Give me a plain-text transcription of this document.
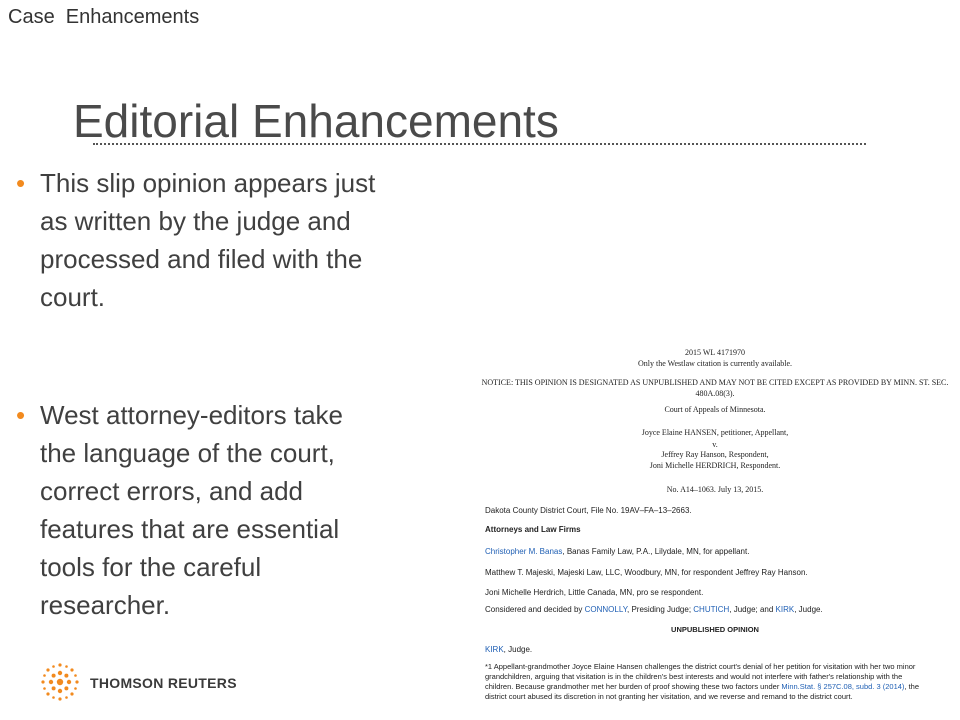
Case  Enhancements
Editorial Enhancements
• This slip opinion appears just
as written by the judge and
processed and filed with the
court.
• West attorney-editors take
the language of the court,
correct errors, and add
features that are essential
tools for the careful
researcher.
2015 WL 4171970
Only the Westlaw citation is currently available.
NOTICE: THIS OPINION IS DESIGNATED AS UNPUBLISHED AND MAY NOT BE CITED EXCEPT AS PROVIDED BY MINN. ST. SEC.
480A.08(3).
Court of Appeals of Minnesota.
Joyce Elaine HANSEN, petitioner, Appellant,
v.
Jeffrey Ray Hanson, Respondent,
Joni Michelle HERDRICH, Respondent.
No. A14–1063. July 13, 2015.
Dakota County District Court, File No. 19AV–FA–13–2663.
Attorneys and Law Firms
Christopher M. Banas, Banas Family Law, P.A., Lilydale, MN, for appellant.
Matthew T. Majeski, Majeski Law, LLC, Woodbury, MN, for respondent Jeffrey Ray Hanson.
Joni Michelle Herdrich, Little Canada, MN, pro se respondent.
Considered and decided by CONNOLLY, Presiding Judge; CHUTICH, Judge; and KIRK, Judge.
UNPUBLISHED OPINION
KIRK, Judge.
*1 Appellant-grandmother Joyce Elaine Hansen challenges the district court's denial of her petition for visitation with her two minor
grandchildren, arguing that visitation is in the children's best interests and would not interfere with father's relationship with the
children. Because grandmother met her burden of proof showing these two factors under Minn.Stat. § 257C.08, subd. 3 (2014), the
district court abused its discretion in not granting her visitation, and we reverse and remand to the district court.
THOMSON REUTERS
